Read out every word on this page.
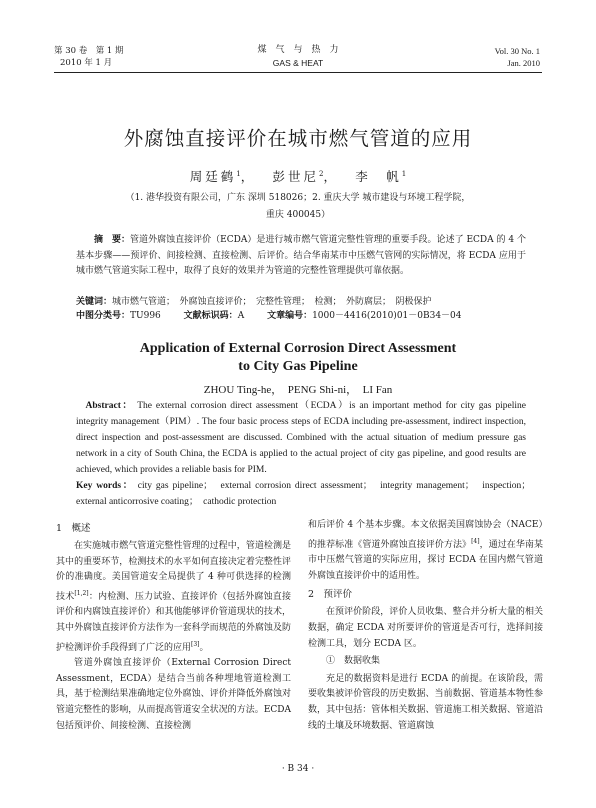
第 30 卷　第 1 期
2010 年 1 月
煤　气　与　热　力
GAS & HEAT
Vol. 30 No. 1
Jan. 2010
外腐蚀直接评价在城市燃气管道的应用
周廷鹤$^1$，　 彭世尼$^2$，　 李　帆$^1$
（1. 港华投资有限公司，广东 深圳 518026；2. 重庆大学 城市建设与环境工程学院，
重庆 400045）
摘　要：管道外腐蚀直接评价（ECDA）是进行城市燃气管道完整性管理的重要手段。论述了 ECDA 的 4 个基本步骤——预评价、间接检测、直接检测、后评价。结合华南某市中压燃气管网的实际情况，将 ECDA 应用于城市燃气管道实际工程中，取得了良好的效果并为管道的完整性管理提供可靠依据。
关键词：城市燃气管道；　外腐蚀直接评价；　完整性管理；　检测；　外防腐层；　阴极保护
中图分类号：TU996	文献标识码：A	文章编号：1000－4416(2010)01－0B34－04
Application of External Corrosion Direct Assessment
to City Gas Pipeline
ZHOU Ting-he，　PENG Shi-ni，　LI Fan
Abstract： The external corrosion direct assessment（ECDA）is an important method for city gas pipeline integrity management（PIM）. The four basic process steps of ECDA including pre-assessment, indirect inspection, direct inspection and post-assessment are discussed. Combined with the actual situation of medium pressure gas network in a city of South China, the ECDA is applied to the actual project of city gas pipeline, and good results are achieved, which provides a reliable basis for PIM.
Key words： city gas pipeline；　external corrosion direct assessment；　integrity management；　inspection；　external anticorrosive coating；　cathodic protection
1　概述

在实施城市燃气管道完整性管理的过程中，管道检测是其中的重要环节，检测技术的水平如何直接决定着完整性评价的准确度。美国管道安全局提供了 4 种可供选择的检测技术[1,2]：内检测、压力试验、直接评价（包括外腐蚀直接评价和内腐蚀直接评价）和其他能够评价管道现状的技术，其中外腐蚀直接评价方法作为一套科学而规范的外腐蚀及防护检测评价手段得到了广泛的应用[3]。

管道外腐蚀直接评价（External Corrosion Direct Assessment，ECDA）是结合当前各种埋地管道检测工具，基于检测结果准确地定位外腐蚀、评价并降低外腐蚀对管道完整性的影响，从而提高管道安全状况的方法。ECDA 包括预评价、间接检测、直接检测

和后评价 4 个基本步骤。本文依据美国腐蚀协会（NACE）的推荐标准《管道外腐蚀直接评价方法》[4]，通过在华南某市中压燃气管道的实际应用，探讨 ECDA 在国内燃气管道外腐蚀直接评价中的适用性。

2　预评价

在预评价阶段，评价人员收集、整合并分析大量的相关数据，确定 ECDA 对所要评价的管道是否可行，选择间接检测工具，划分 ECDA 区。

①　数据收集

充足的数据资料是进行 ECDA 的前提。在该阶段，需要收集被评价管段的历史数据、当前数据、管道基本物性参数，其中包括：管体相关数据、管道施工相关数据、管道沿线的土壤及环境数据、管道腐蚀

· B 34 ·
